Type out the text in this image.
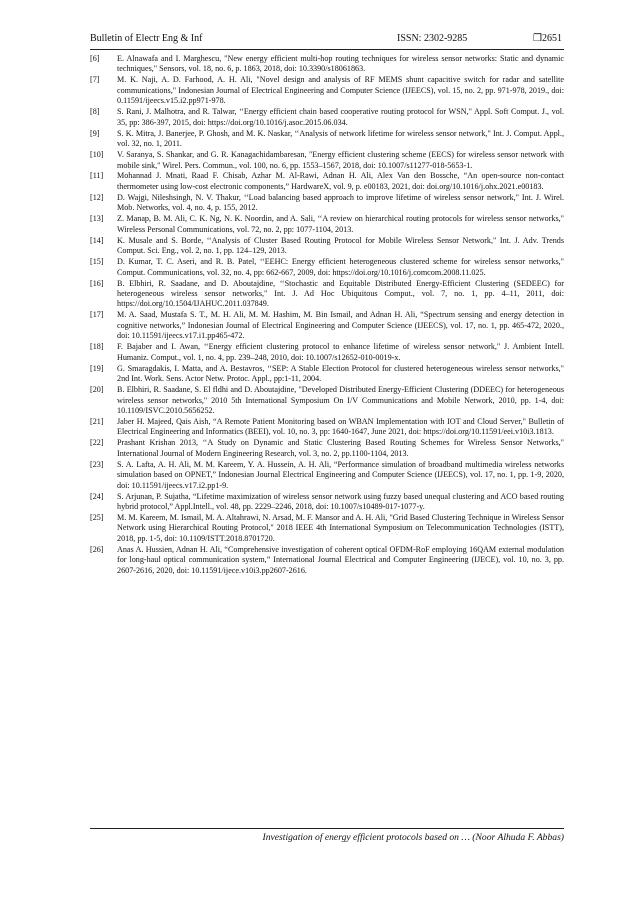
Bulletin of Electr Eng & Inf	ISSN: 2302-9285	❒2651
[6] E. Alnawafa and I. Marghescu, "New energy efficient multi-hop routing techniques for wireless sensor networks: Static and dynamic techniques," Sensors, vol. 18, no. 6, p. 1863, 2018, doi: 10.3390/s18061863.
[7] M. K. Naji, A. D. Farhood, A. H. Ali, "Novel design and analysis of RF MEMS shunt capacitive switch for radar and satellite communications," Indonesian Journal of Electrical Engineering and Computer Science (IJEECS), vol. 15, no. 2, pp. 971-978, 2019., doi: 0.11591/ijeecs.v15.i2.pp971-978.
[8] S. Rani, J. Malhotra, and R. Talwar, ‘‘Energy efficient chain based cooperative routing protocol for WSN," Appl. Soft Comput. J., vol. 35, pp: 386-397, 2015, doi: https://doi.org/10.1016/j.asoc.2015.06.034.
[9] S. K. Mitra, J. Banerjee, P. Ghosh, and M. K. Naskar, ‘‘Analysis of network lifetime for wireless sensor network," Int. J. Comput. Appl., vol. 32, no. 1, 2011.
[10] V. Saranya, S. Shankar, and G. R. Kanagachidambaresan, "Energy efficient clustering scheme (EECS) for wireless sensor network with mobile sink," Wirel. Pers. Commun., vol. 100, no. 6, pp. 1553–1567, 2018, doi: 10.1007/s11277-018-5653-1.
[11] Mohannad J. Mnati, Raad F. Chisab, Azhar M. Al-Rawi, Adnan H. Ali, Alex Van den Bossche, “An open-source non-contact thermometer using low-cost electronic components,” HardwareX, vol. 9, p. e00183, 2021, doi: doi.org/10.1016/j.ohx.2021.e00183.
[12] D. Wajgi, Nileshsingh, N. V. Thakur, ‘‘Load balancing based approach to improve lifetime of wireless sensor network," Int. J. Wirel. Mob. Networks, vol. 4, no. 4, p. 155, 2012.
[13] Z. Manap, B. M. Ali, C. K. Ng, N. K. Noordin, and A. Sali, ‘‘A review on hierarchical routing protocols for wireless sensor networks," Wireless Personal Communications, vol. 72, no. 2, pp: 1077-1104, 2013.
[14] K. Musale and S. Borde, ‘‘Analysis of Cluster Based Routing Protocol for Mobile Wireless Sensor Network," Int. J. Adv. Trends Comput. Sci. Eng., vol. 2, no. 1, pp. 124–129, 2013.
[15] D. Kumar, T. C. Aseri, and R. B. Patel, ‘‘EEHC: Energy efficient heterogeneous clustered scheme for wireless sensor networks," Comput. Communications, vol. 32, no. 4, pp: 662-667, 2009, doi: https://doi.org/10.1016/j.comcom.2008.11.025.
[16] B. Elbhiri, R. Saadane, and D. Aboutajdine, ‘‘Stochastic and Equitable Distributed Energy-Efficient Clustering (SEDEEC) for heterogeneous wireless sensor networks," Int. J. Ad Hoc Ubiquitous Comput., vol. 7, no. 1, pp. 4–11, 2011, doi: https://doi.org/10.1504/IJAHUC.2011.037849.
[17] M. A. Saad, Mustafa S. T., M. H. Ali, M. M. Hashim, M. Bin Ismail, and Adnan H. Ali, “Spectrum sensing and energy detection in cognitive networks,” Indonesian Journal of Electrical Engineering and Computer Science (IJEECS), vol. 17, no. 1, pp. 465-472, 2020., doi: 10.11591/ijeecs.v17.i1.pp465-472.
[18] F. Bajaber and I. Awan, ‘‘Energy efficient clustering protocol to enhance lifetime of wireless sensor network," J. Ambient Intell. Humaniz. Comput., vol. 1, no. 4, pp. 239–248, 2010, doi: 10.1007/s12652-010-0019-x.
[19] G. Smaragdakis, I. Matta, and A. Bestavros, ‘‘SEP: A Stable Election Protocol for clustered heterogeneous wireless sensor networks," 2nd Int. Work. Sens. Actor Netw. Protoc. Appl., pp:1-11, 2004.
[20] B. Elbhiri, R. Saadane, S. El fldhi and D. Aboutajdine, "Developed Distributed Energy-Efficient Clustering (DDEEC) for heterogeneous wireless sensor networks," 2010 5th International Symposium On I/V Communications and Mobile Network, 2010, pp. 1-4, doi: 10.1109/ISVC.2010.5656252.
[21] Jaber H. Majeed, Qais Aish, “A Remote Patient Monitoring based on WBAN Implementation with IOT and Cloud Server," Bulletin of Electrical Engineering and Informatics (BEEI), vol. 10, no. 3, pp: 1640-1647, June 2021, doi: https://doi.org/10.11591/eei.v10i3.1813.
[22] Prashant Krishan 2013, ‘‘A Study on Dynamic and Static Clustering Based Routing Schemes for Wireless Sensor Networks," International Journal of Modern Engineering Research, vol. 3, no. 2, pp.1100-1104, 2013.
[23] S. A. Lafta, A. H. Ali, M. M. Kareem, Y. A. Hussein, A. H. Ali, “Performance simulation of broadband multimedia wireless networks simulation based on OPNET,” Indonesian Journal Electrical Engineering and Computer Science (IJEECS), vol. 17, no. 1, pp. 1-9, 2020, doi: 10.11591/ijeecs.v17.i2.pp1-9.
[24] S. Arjunan, P. Sujatha, “Lifetime maximization of wireless sensor network using fuzzy based unequal clustering and ACO based routing hybrid protocol,” Appl.Intell., vol. 48, pp. 2229–2246, 2018, doi: 10.1007/s10489-017-1077-y.
[25] M. M. Kareem, M. Ismail, M. A. Altahrawi, N. Arsad, M. F. Mansor and A. H. Ali, "Grid Based Clustering Technique in Wireless Sensor Network using Hierarchical Routing Protocol," 2018 IEEE 4th International Symposium on Telecommunication Technologies (ISTT), 2018, pp. 1-5, doi: 10.1109/ISTT.2018.8701720.
[26] Anas A. Hussien, Adnan H. Ali, “Comprehensive investigation of coherent optical OFDM-RoF employing 16QAM external modulation for long-haul optical communication system,” International Journal Electrical and Computer Engineering (IJECE), vol. 10, no. 3, pp. 2607-2616, 2020, doi: 10.11591/ijece.v10i3.pp2607-2616.
Investigation of energy efficient protocols based on … (Noor Alhuda F. Abbas)
